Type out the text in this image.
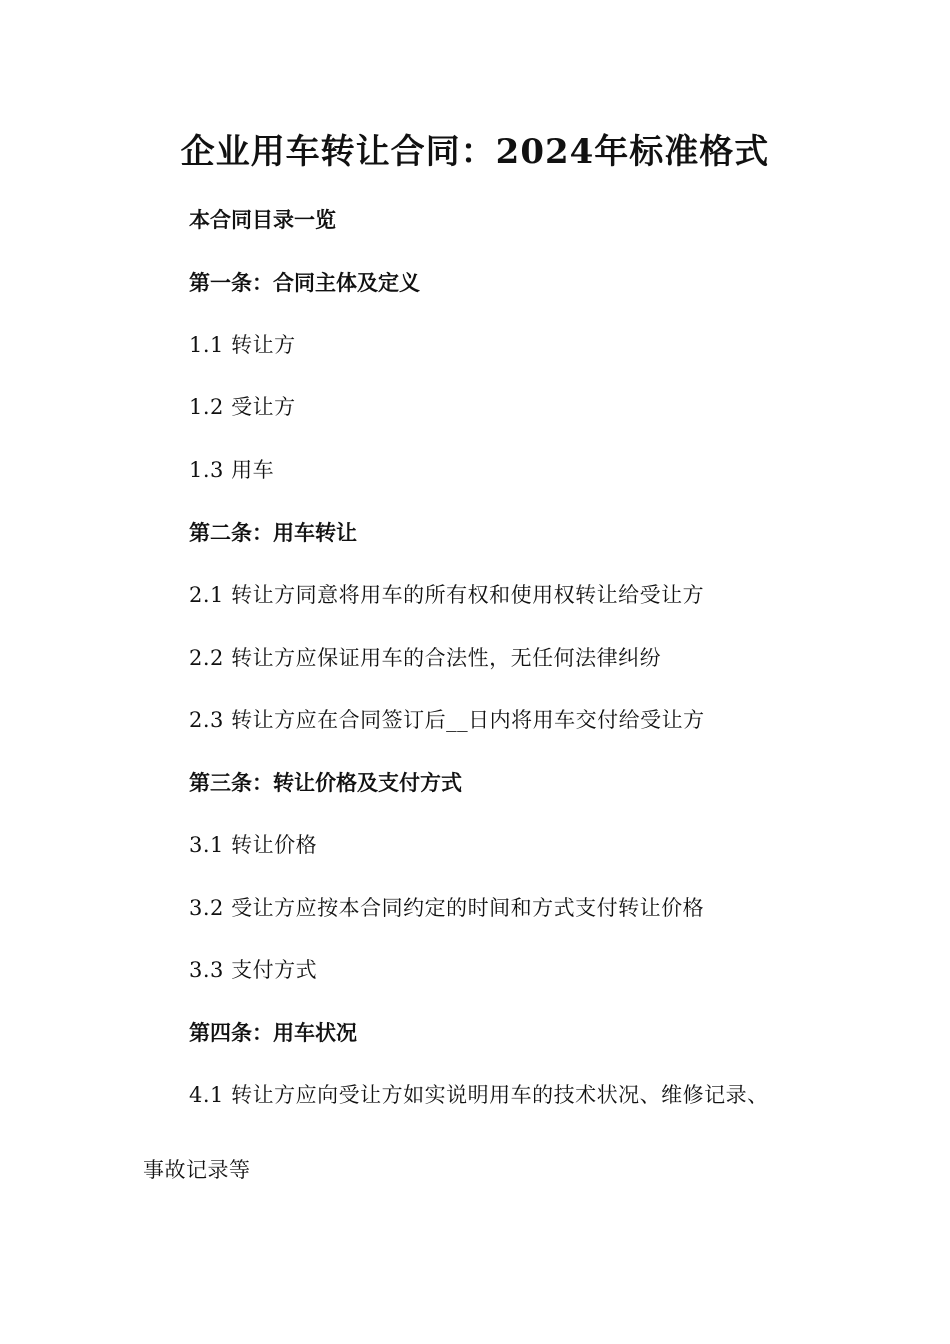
企业用车转让合同：2024年标准格式
本合同目录一览
第一条：合同主体及定义
1.1 转让方
1.2 受让方
1.3 用车
第二条：用车转让
2.1 转让方同意将用车的所有权和使用权转让给受让方
2.2 转让方应保证用车的合法性，无任何法律纠纷
2.3 转让方应在合同签订后__日内将用车交付给受让方
第三条：转让价格及支付方式
3.1 转让价格
3.2 受让方应按本合同约定的时间和方式支付转让价格
3.3 支付方式
第四条：用车状况
4.1 转让方应向受让方如实说明用车的技术状况、维修记录、
事故记录等
